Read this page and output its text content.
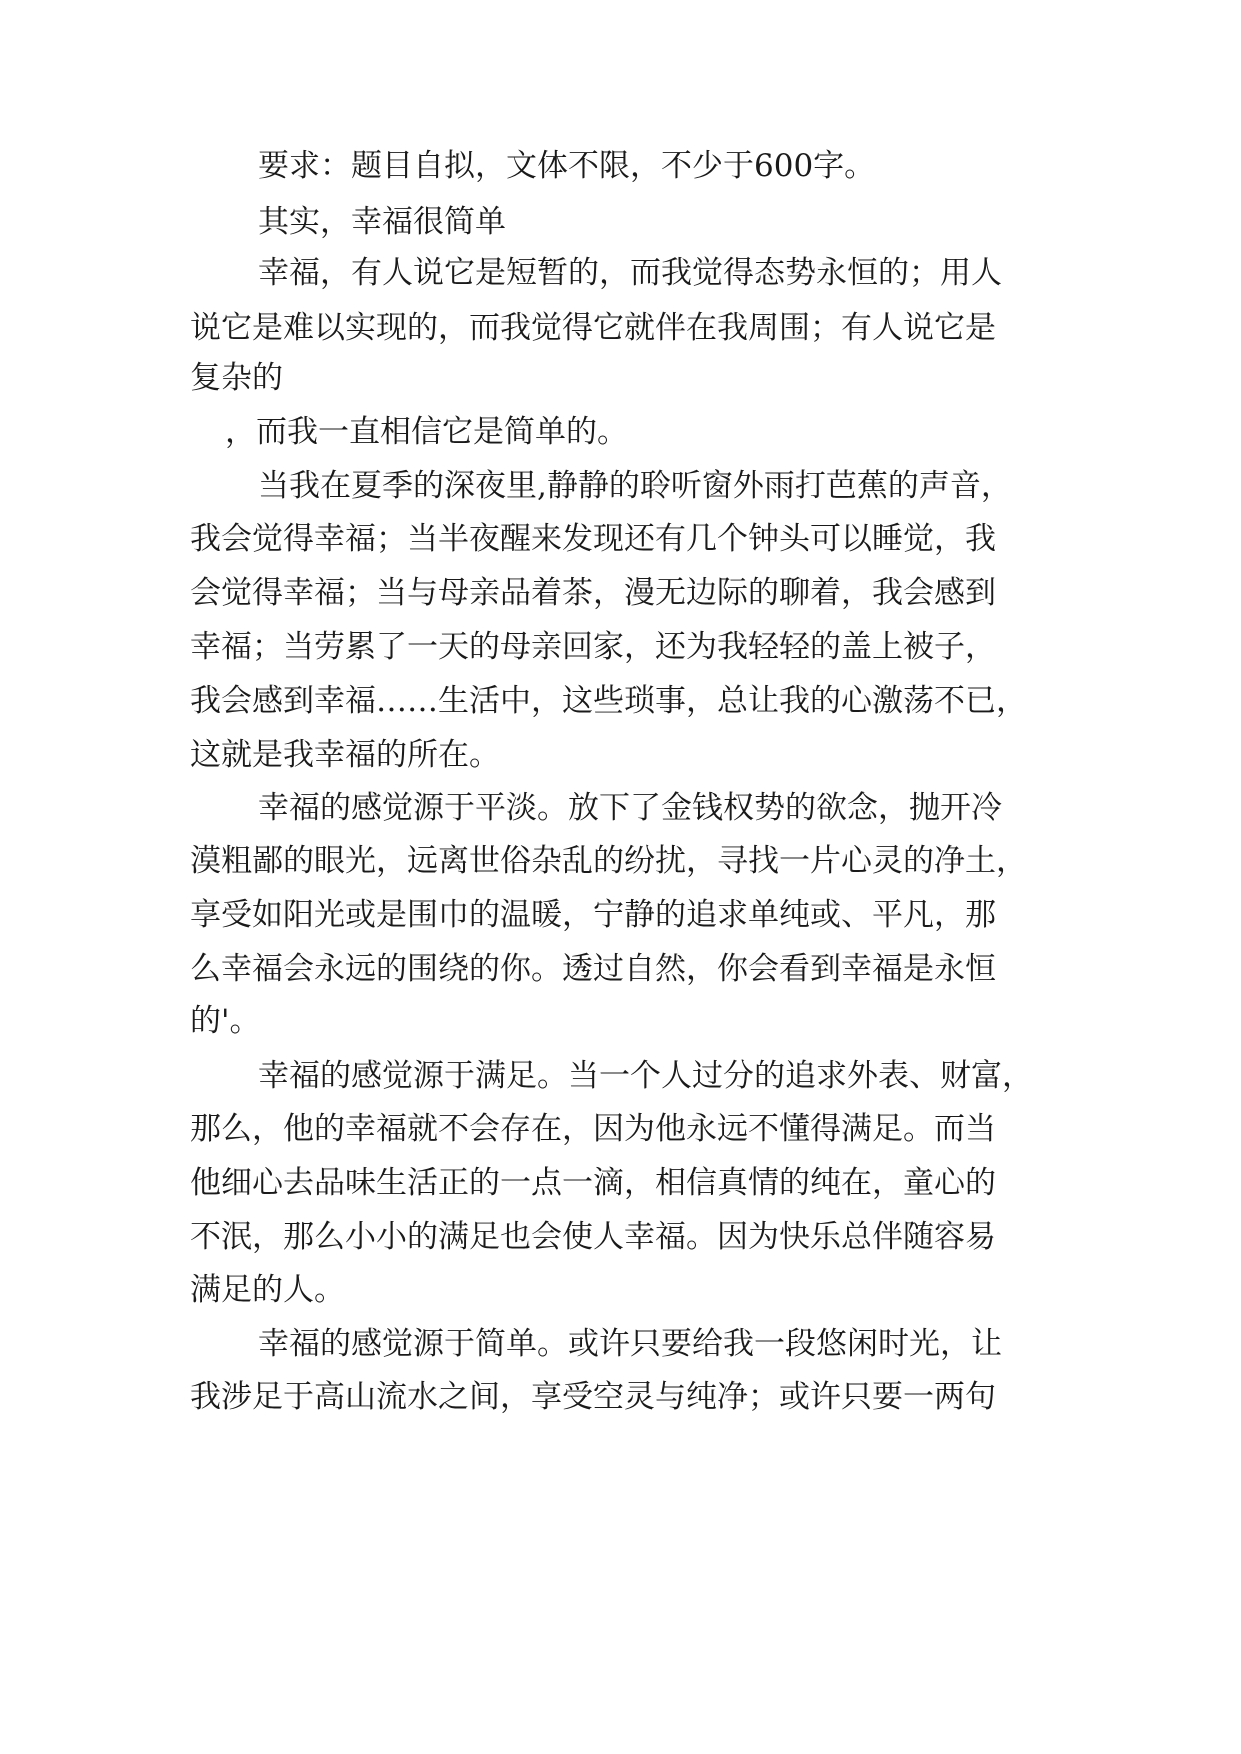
要求：题目自拟，文体不限，不少于600字。

其实，幸福很简单

幸福，有人说它是短暂的，而我觉得态势永恒的；用人

说它是难以实现的，而我觉得它就伴在我周围；有人说它是

复杂的

，而我一直相信它是简单的。

当我在夏季的深夜里,静静的聆听窗外雨打芭蕉的声音，

我会觉得幸福；当半夜醒来发现还有几个钟头可以睡觉，我

会觉得幸福；当与母亲品着茶，漫无边际的聊着，我会感到

幸福；当劳累了一天的母亲回家，还为我轻轻的盖上被子，

我会感到幸福……生活中，这些琐事，总让我的心激荡不已，

这就是我幸福的所在。

幸福的感觉源于平淡。放下了金钱权势的欲念，抛开冷

漠粗鄙的眼光，远离世俗杂乱的纷扰，寻找一片心灵的净土，

享受如阳光或是围巾的温暖，宁静的追求单纯或、平凡，那

么幸福会永远的围绕的你。透过自然，你会看到幸福是永恒

的'。

幸福的感觉源于满足。当一个人过分的追求外表、财富，

那么，他的幸福就不会存在，因为他永远不懂得满足。而当

他细心去品味生活正的一点一滴，相信真情的纯在，童心的

不泯，那么小小的满足也会使人幸福。因为快乐总伴随容易

满足的人。

幸福的感觉源于简单。或许只要给我一段悠闲时光，让

我涉足于高山流水之间，享受空灵与纯净；或许只要一两句
